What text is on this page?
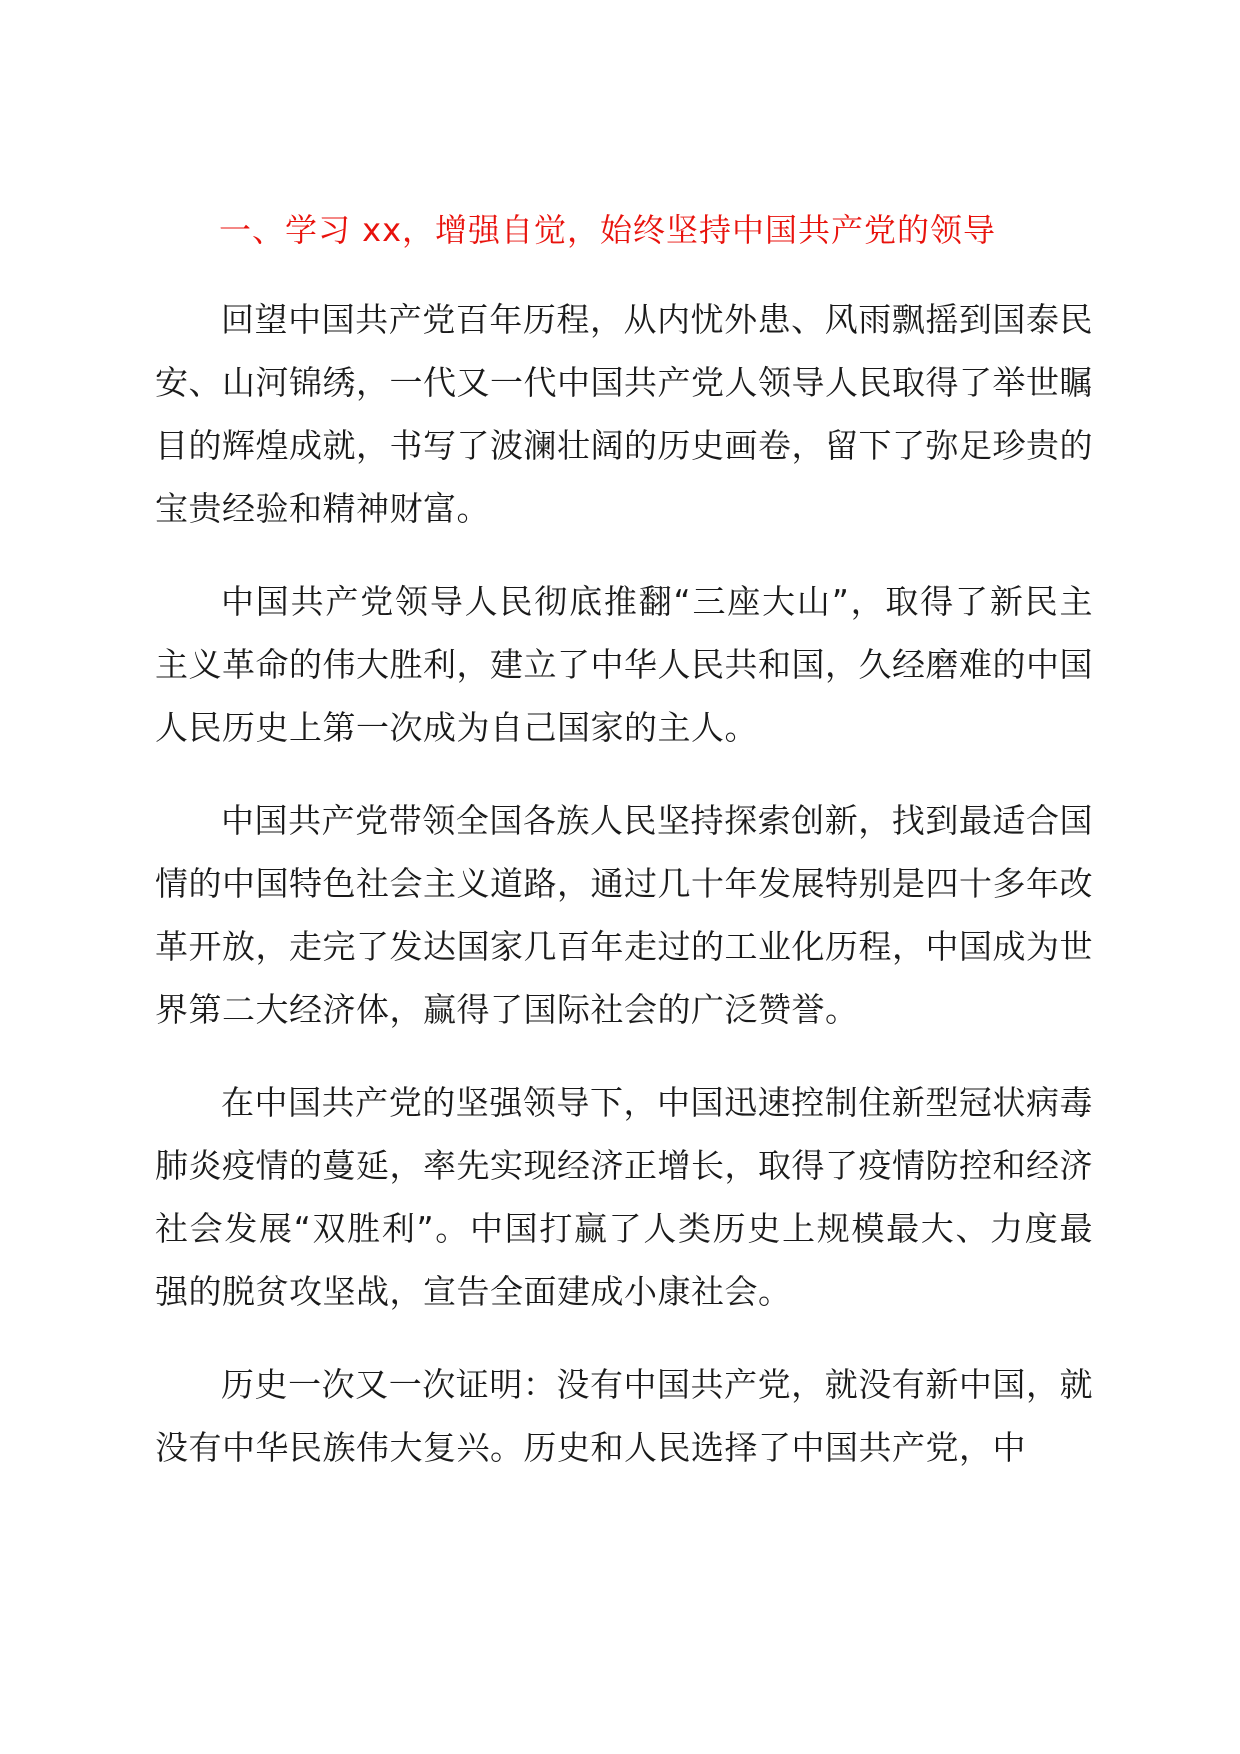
一、学习 xx，增强自觉，始终坚持中国共产党的领导

回望中国共产党百年历程，从内忧外患、风雨飘摇到国泰民安、山河锦绣，一代又一代中国共产党人领导人民取得了举世瞩目的辉煌成就，书写了波澜壮阔的历史画卷，留下了弥足珍贵的宝贵经验和精神财富。

中国共产党领导人民彻底推翻“三座大山”，取得了新民主主义革命的伟大胜利，建立了中华人民共和国，久经磨难的中国人民历史上第一次成为自己国家的主人。

中国共产党带领全国各族人民坚持探索创新，找到最适合国情的中国特色社会主义道路，通过几十年发展特别是四十多年改革开放，走完了发达国家几百年走过的工业化历程，中国成为世界第二大经济体，赢得了国际社会的广泛赞誉。

在中国共产党的坚强领导下，中国迅速控制住新型冠状病毒肺炎疫情的蔓延，率先实现经济正增长，取得了疫情防控和经济社会发展“双胜利”。中国打赢了人类历史上规模最大、力度最强的脱贫攻坚战，宣告全面建成小康社会。

历史一次又一次证明：没有中国共产党，就没有新中国，就没有中华民族伟大复兴。历史和人民选择了中国共产党，中
